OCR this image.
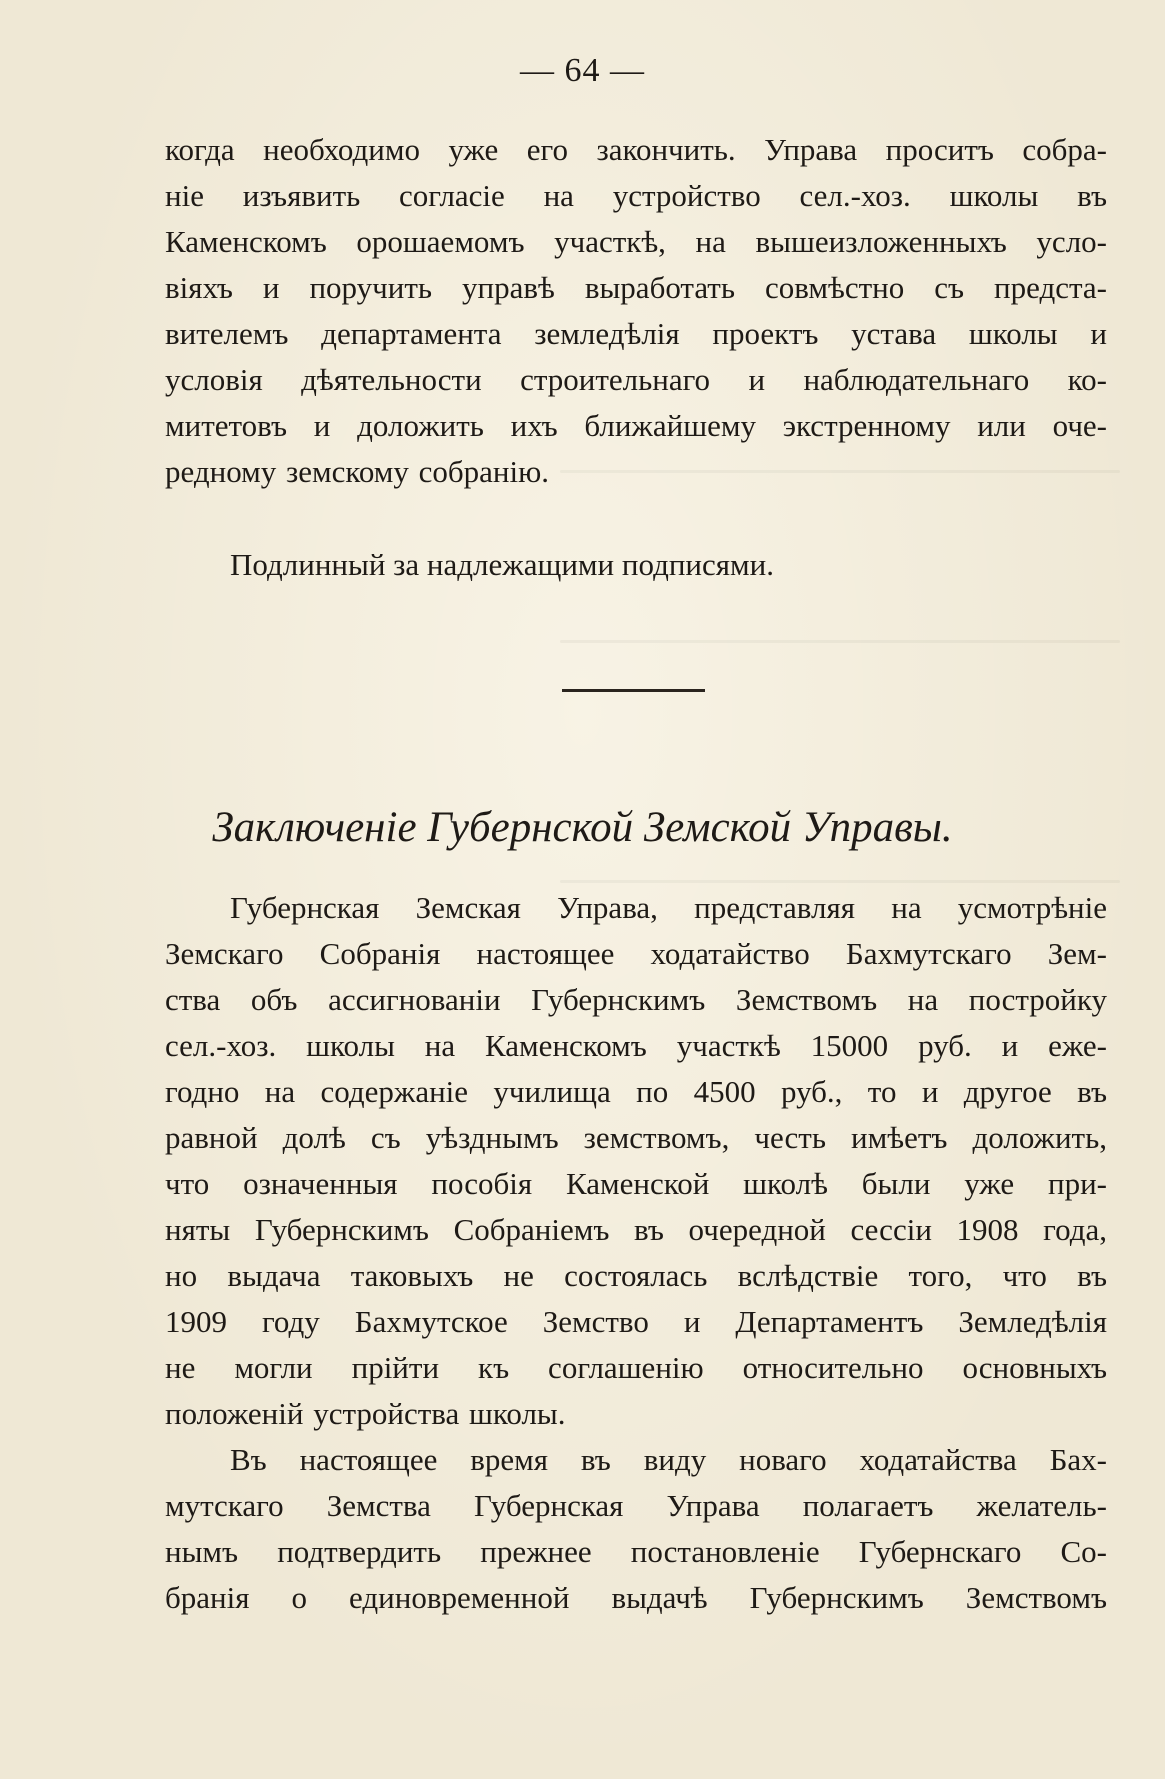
— 64 —
когда необходимо уже его закончить. Управа проситъ собра-
ніе изъявить согласіе на устройство сел.-хоз. школы въ
Каменскомъ орошаемомъ участкѣ, на вышеизложенныхъ усло-
віяхъ и поручить управѣ выработать совмѣстно съ предста-
вителемъ департамента земледѣлія проектъ устава школы и
условія дѣятельности строительнаго и наблюдательнаго ко-
митетовъ и доложить ихъ ближайшему экстренному или оче-
редному земскому собранію.
Подлинный за надлежащими подписями.
Заключеніе Губернской Земской Управы.
Губернская Земская Управа, представляя на усмотрѣніе
Земскаго Собранія настоящее ходатайство Бахмутскаго Зем-
ства объ ассигнованіи Губернскимъ Земствомъ на постройку
сел.-хоз. школы на Каменскомъ участкѣ 15000 руб. и еже-
годно на содержаніе училища по 4500 руб., то и другое въ
равной долѣ съ уѣзднымъ земствомъ, честь имѣетъ доложить,
что означенныя пособія Каменской школѣ были уже при-
няты Губернскимъ Собраніемъ въ очередной сессіи 1908 года,
но выдача таковыхъ не состоялась вслѣдствіе того, что въ
1909 году Бахмутское Земство и Департаментъ Земледѣлія
не могли прійти къ соглашенію относительно основныхъ
положеній устройства школы.
Въ настоящее время въ виду новаго ходатайства Бах-
мутскаго Земства Губернская Управа полагаетъ желатель-
нымъ подтвердить прежнее постановленіе Губернскаго Со-
бранія о единовременной выдачѣ Губернскимъ Земствомъ
